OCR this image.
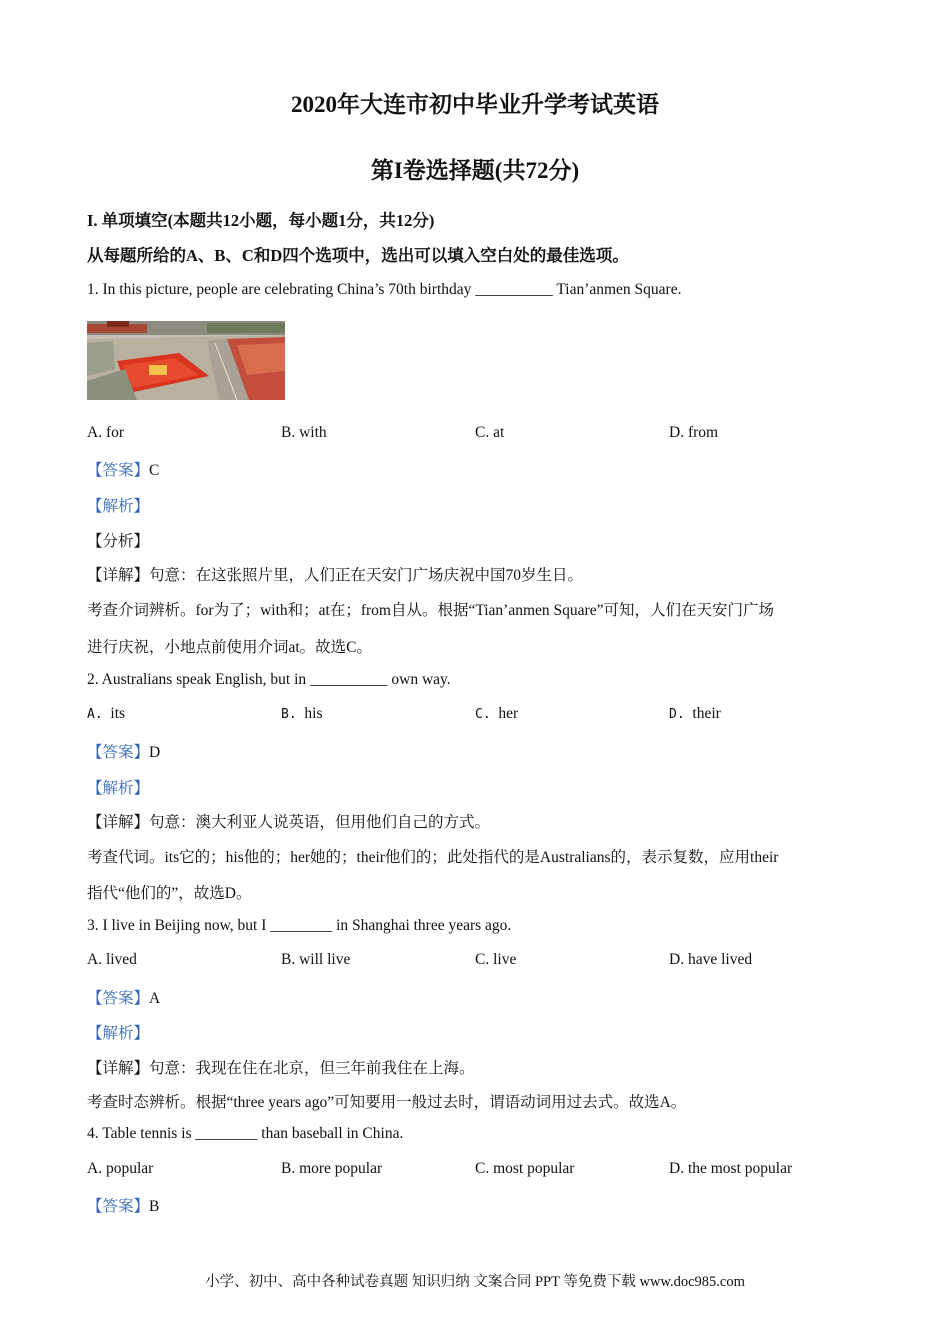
2020年大连市初中毕业升学考试英语
第I卷选择题(共72分)
I. 单项填空(本题共12小题，每小题1分，共12分)
从每题所给的A、B、C和D四个选项中，选出可以填入空白处的最佳选项。
1. In this picture, people are celebrating China’s 70th birthday __________ Tian’anmen Square.
A. for	B. with	C. at	D. from
【答案】C
【解析】
【分析】
【详解】句意：在这张照片里，人们正在天安门广场庆祝中国70岁生日。
考查介词辨析。for为了；with和；at在；from自从。根据“Tian’anmen Square”可知，人们在天安门广场
进行庆祝，小地点前使用介词at。故选C。
2. Australians speak English, but in __________ own way.
A. its	B. his	C. her	D. their
【答案】D
【解析】
【详解】句意：澳大利亚人说英语，但用他们自己的方式。
考查代词。its它的；his他的；her她的；their他们的；此处指代的是Australians的，表示复数，应用their
指代“他们的”，故选D。
3. I live in Beijing now, but I ________ in Shanghai three years ago.
A. lived	B. will live	C. live	D. have lived
【答案】A
【解析】
【详解】句意：我现在住在北京，但三年前我住在上海。
考查时态辨析。根据“three years ago”可知要用一般过去时，谓语动词用过去式。故选A。
4. Table tennis is ________ than baseball in China.
A. popular	B. more popular	C. most popular	D. the most popular
【答案】B
小学、初中、高中各种试卷真题 知识归纳 文案合同 PPT 等免费下载 www.doc985.com
